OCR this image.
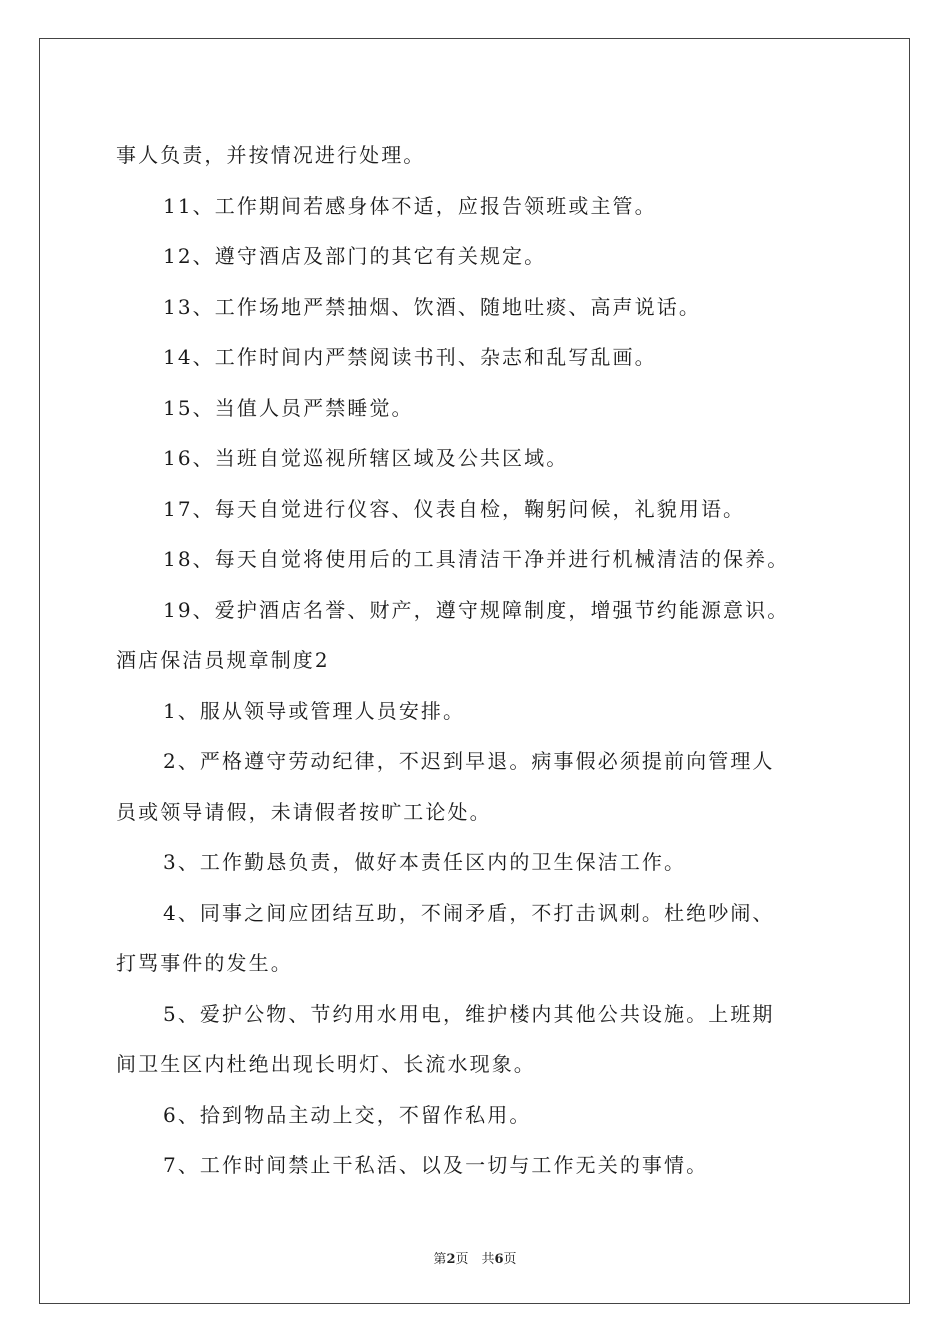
事人负责，并按情况进行处理。
11、工作期间若感身体不适，应报告领班或主管。
12、遵守酒店及部门的其它有关规定。
13、工作场地严禁抽烟、饮酒、随地吐痰、高声说话。
14、工作时间内严禁阅读书刊、杂志和乱写乱画。
15、当值人员严禁睡觉。
16、当班自觉巡视所辖区域及公共区域。
17、每天自觉进行仪容、仪表自检，鞠躬问候，礼貌用语。
18、每天自觉将使用后的工具清洁干净并进行机械清洁的保养。
19、爱护酒店名誉、财产，遵守规障制度，增强节约能源意识。
酒店保洁员规章制度2
1、服从领导或管理人员安排。
2、严格遵守劳动纪律，不迟到早退。病事假必须提前向管理人
员或领导请假，未请假者按旷工论处。
3、工作勤恳负责，做好本责任区内的卫生保洁工作。
4、同事之间应团结互助，不闹矛盾，不打击讽刺。杜绝吵闹、
打骂事件的发生。
5、爱护公物、节约用水用电，维护楼内其他公共设施。上班期
间卫生区内杜绝出现长明灯、长流水现象。
6、拾到物品主动上交，不留作私用。
7、工作时间禁止干私活、以及一切与工作无关的事情。
第2页　共6页
